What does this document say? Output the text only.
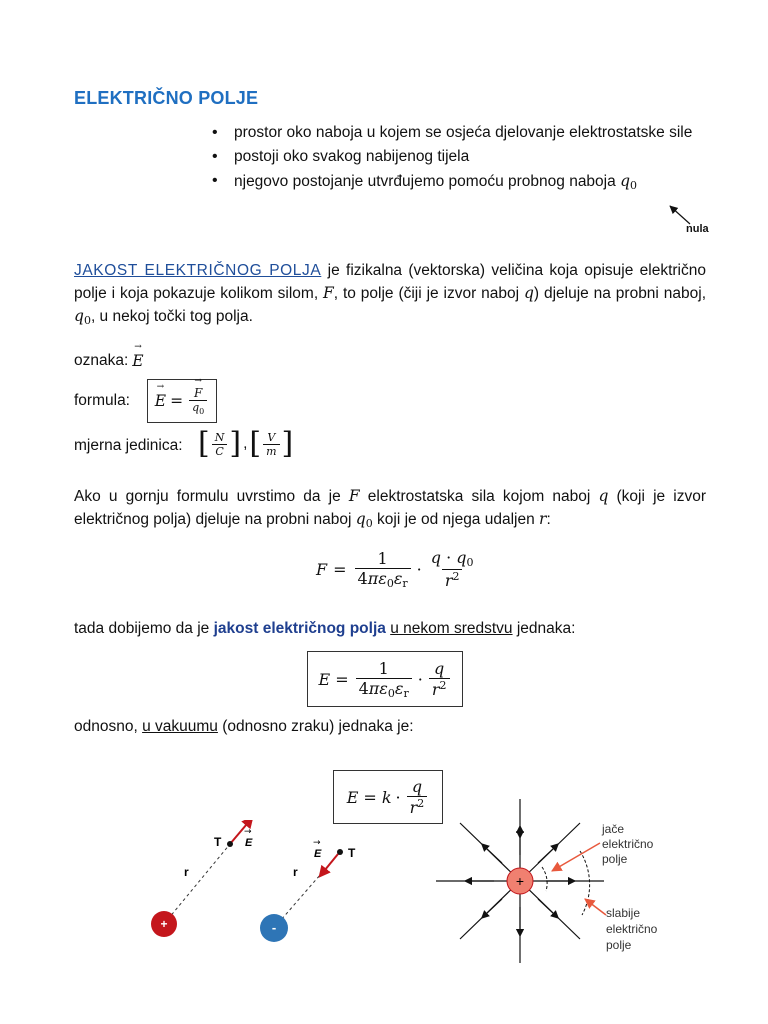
ELEKTRIČNO POLJE
• prostor oko naboja u kojem se osjeća djelovanje elektrostatske sile
• postoji oko svakog nabijenog tijela
• njegovo postojanje utvrđujemo pomoću probnog naboja $q_0$
nula
JAKOST ELEKTRIČNOG POLJA je fizikalna (vektorska) veličina koja opisuje električno polje i koja pokazuje kolikom silom, F, to polje (čiji je izvor naboj q) djeluje na probni naboj, $q_0$, u nekoj točki tog polja.
oznaka: E →
formula: E → = $\frac{F \to}{q_0}$
mjerna jedinica: [ $\frac{N}{C}$ ] , [ $\frac{V}{m}$ ]
Ako u gornju formulu uvrstimo da je F elektrostatska sila kojom naboj q (koji je izvor električnog polja) djeluje na probni naboj $q_0$ koji je od njega udaljen r:
$F = \frac{1}{4\pi\varepsilon_0\varepsilon_r} \cdot \frac{q \cdot q_0}{r^2}$
tada dobijemo da je jakost električnog polja u nekom sredstvu jednaka:
$E = \frac{1}{4\pi\varepsilon_0\varepsilon_r} \cdot \frac{q}{r^2}$
odnosno, u vakuumu (odnosno zraku) jednaka je:
$E = k \cdot \frac{q}{r^2}$
T E
→
r
+
T
E
→
r
-
+
jače
električno
polje
slabije
električno
polje
